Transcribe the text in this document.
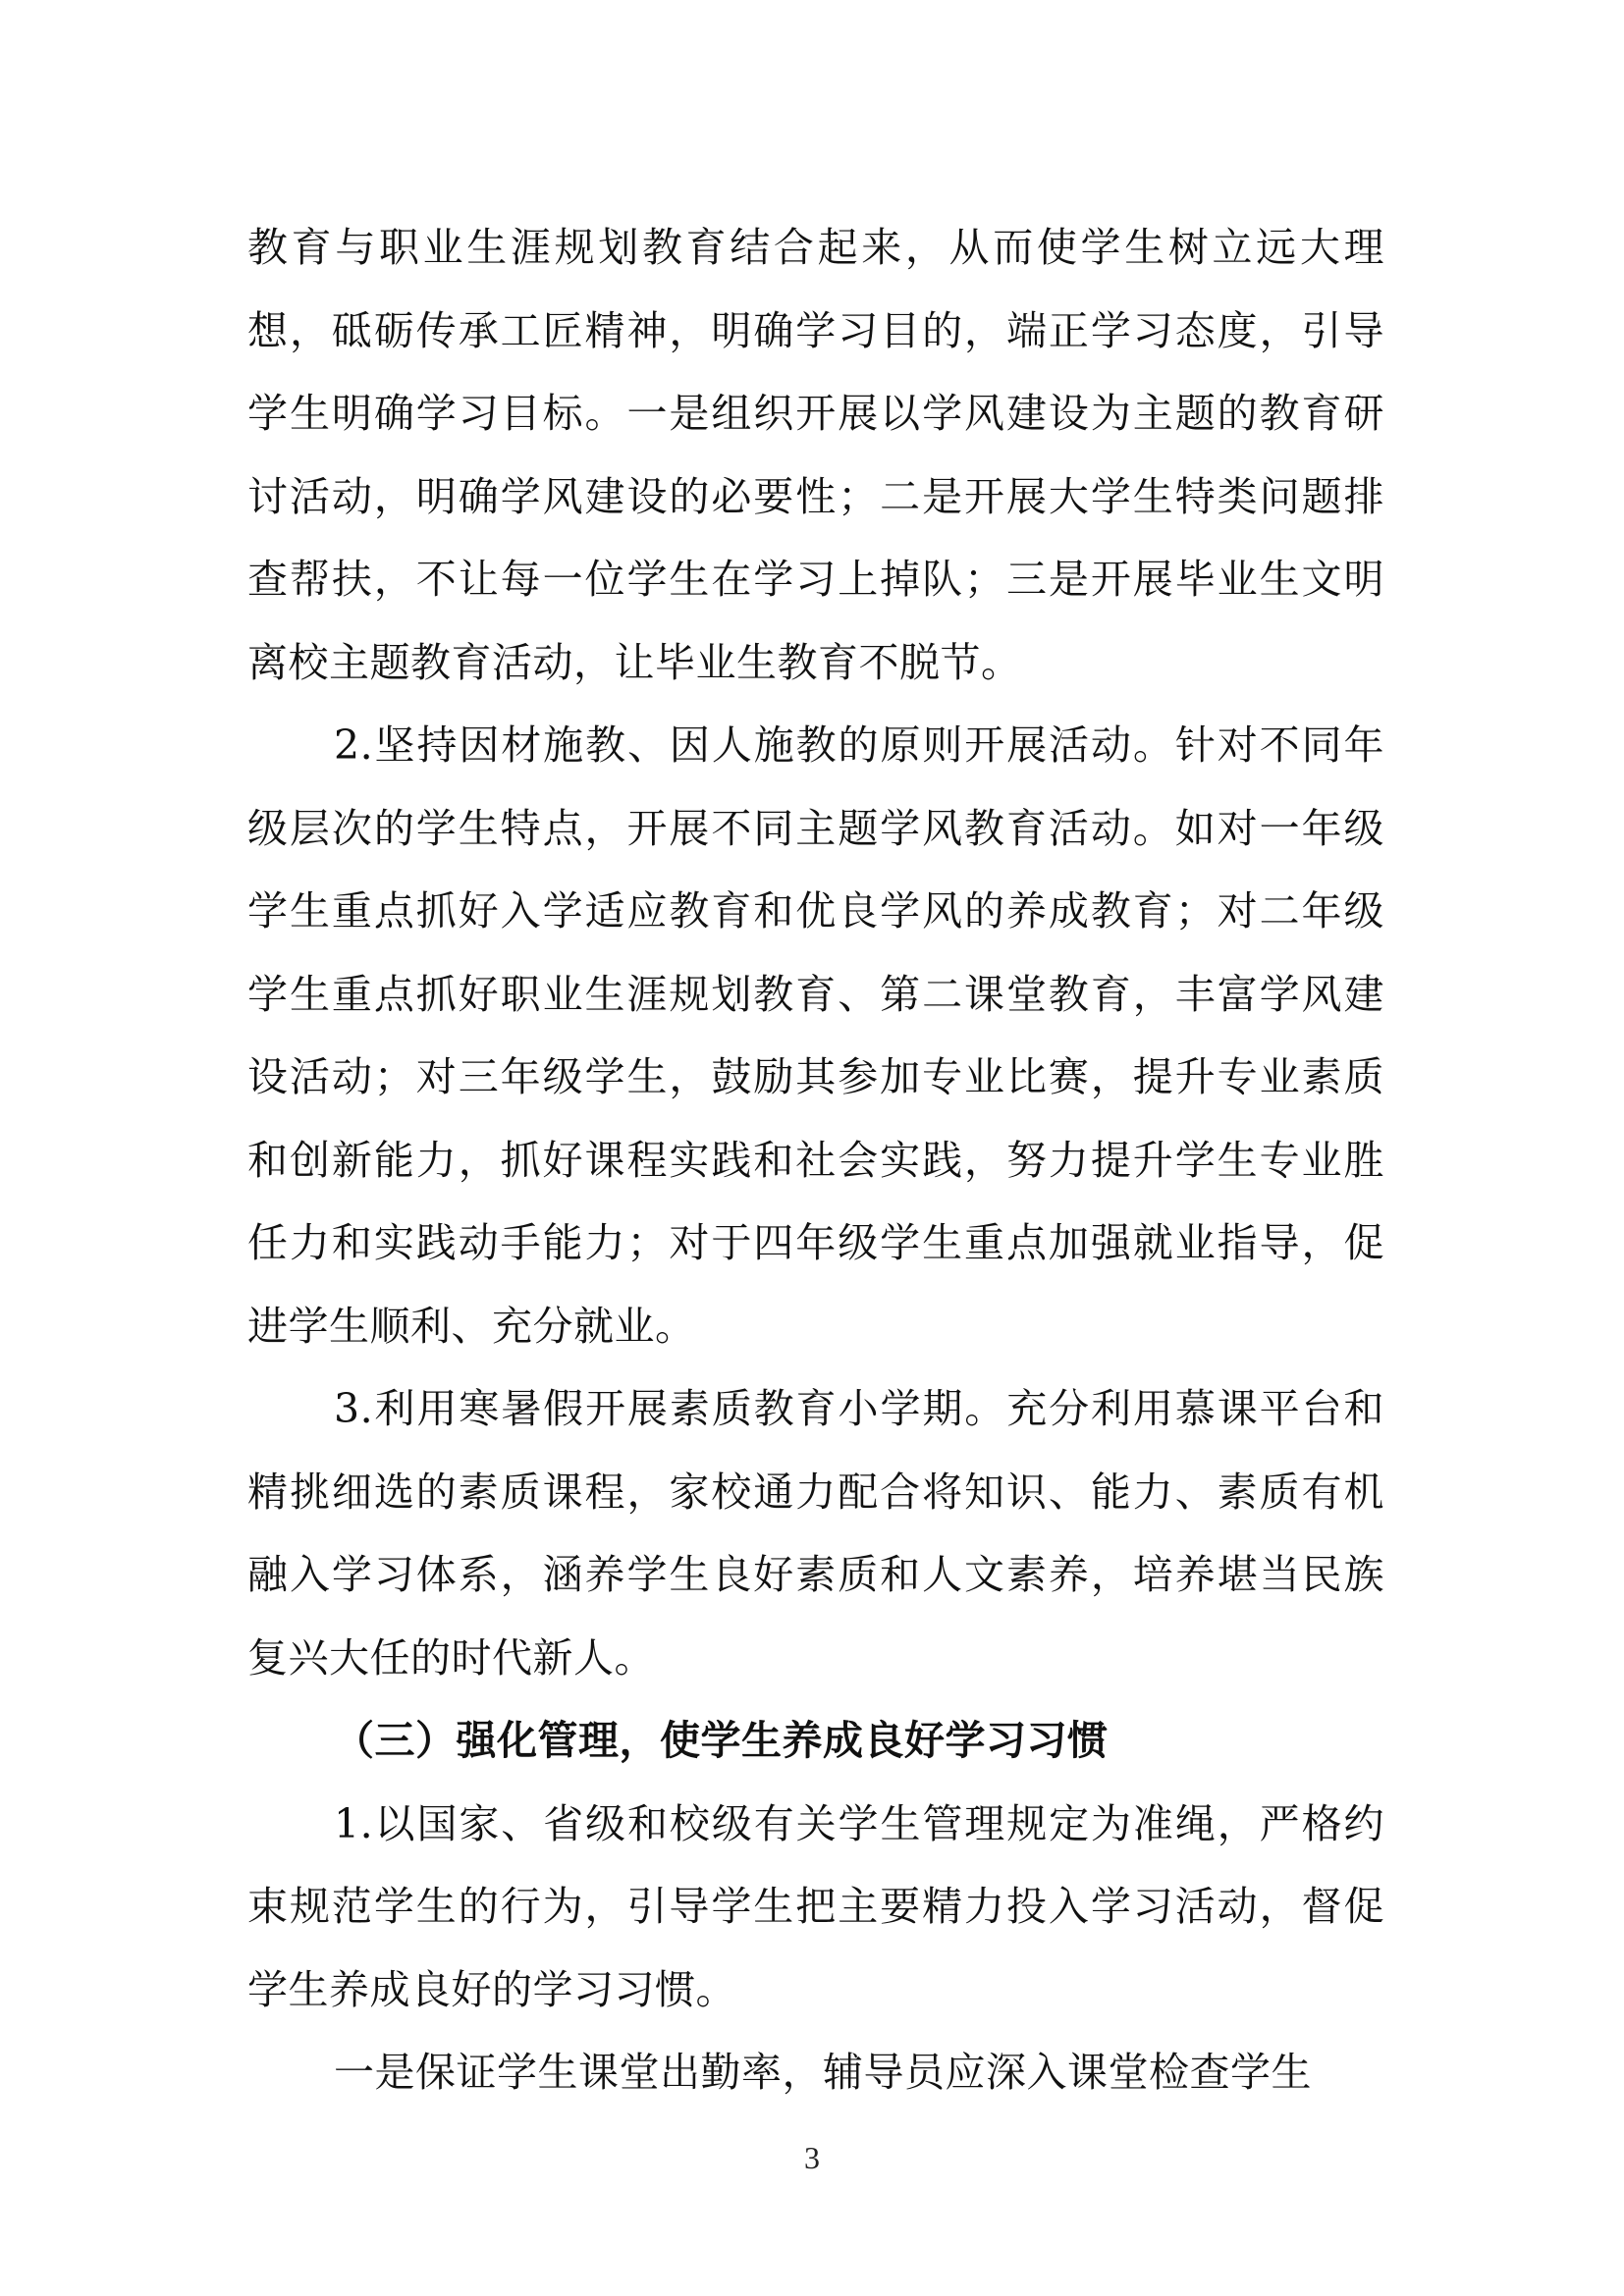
教育与职业生涯规划教育结合起来，从而使学生树立远大理想，砥砺传承工匠精神，明确学习目的，端正学习态度，引导学生明确学习目标。一是组织开展以学风建设为主题的教育研讨活动，明确学风建设的必要性；二是开展大学生特类问题排查帮扶，不让每一位学生在学习上掉队；三是开展毕业生文明离校主题教育活动，让毕业生教育不脱节。

2.坚持因材施教、因人施教的原则开展活动。针对不同年级层次的学生特点，开展不同主题学风教育活动。如对一年级学生重点抓好入学适应教育和优良学风的养成教育；对二年级学生重点抓好职业生涯规划教育、第二课堂教育，丰富学风建设活动；对三年级学生，鼓励其参加专业比赛，提升专业素质和创新能力，抓好课程实践和社会实践，努力提升学生专业胜任力和实践动手能力；对于四年级学生重点加强就业指导，促进学生顺利、充分就业。

3.利用寒暑假开展素质教育小学期。充分利用慕课平台和精挑细选的素质课程，家校通力配合将知识、能力、素质有机融入学习体系，涵养学生良好素质和人文素养，培养堪当民族复兴大任的时代新人。

（三）强化管理，使学生养成良好学习习惯

1.以国家、省级和校级有关学生管理规定为准绳，严格约束规范学生的行为，引导学生把主要精力投入学习活动，督促学生养成良好的学习习惯。

一是保证学生课堂出勤率，辅导员应深入课堂检查学生

3
